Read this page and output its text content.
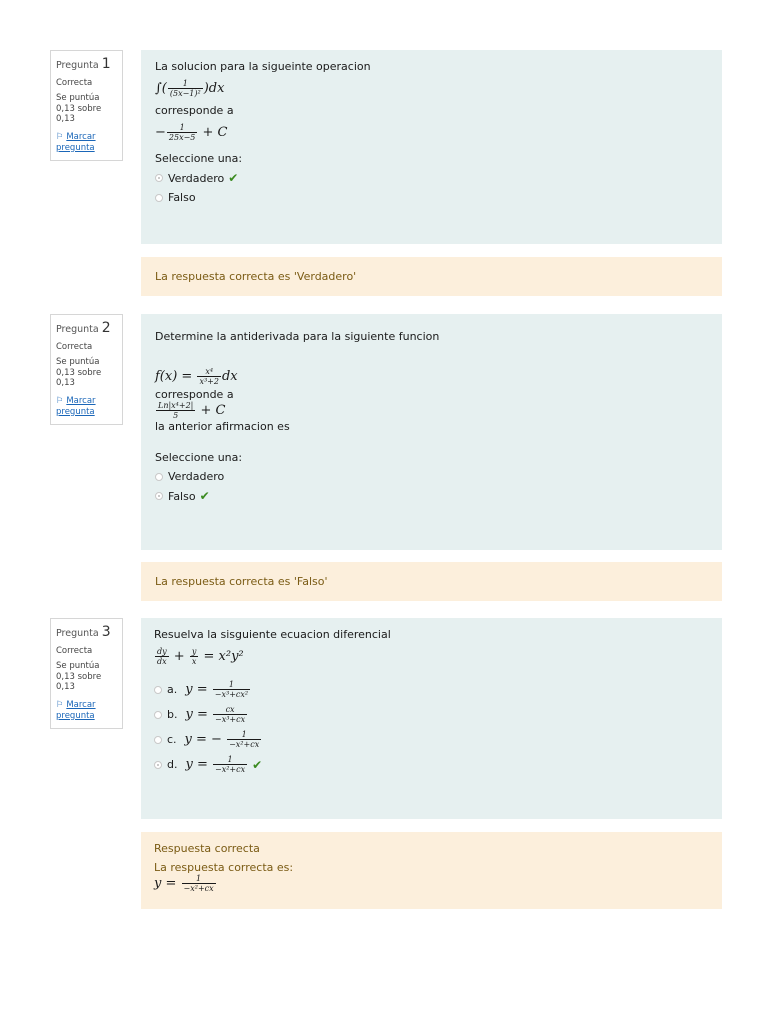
Pregunta 1
Correcta
Se puntúa 0,13 sobre 0,13
⚐ Marcar pregunta
La solucion para la sigueinte operacion
∫( $\frac{1}{\text{(5x−1)²}} )dx$
corresponde a
− $\frac{1}{25x-5} + C$
Seleccione una:
Verdadero ✔
Falso
La respuesta correcta es 'Verdadero'
Pregunta 2
Correcta
Se puntúa 0,13 sobre 0,13
⚐ Marcar pregunta
Determine la antiderivada para la siguiente funcion
$f(x) = \frac{\text{x⁴}}{\text{x³+2}}$ dx
corresponde a
$\frac{\text{Ln|x⁴+2|}}{5} + C$
la anterior afirmacion es
Seleccione una:
Verdadero
Falso ✔
La respuesta correcta es 'Falso'
Pregunta 3
Correcta
Se puntúa 0,13 sobre 0,13
⚐ Marcar pregunta
Resuelva la sisguiente ecuacion diferencial
$\frac{dy}{dx} + \frac{y}{x} = x^2y^2$
a. $y = \frac{1}{\text{−x³+cx²}}$
b. $y = \frac{cx}{\text{−x³+cx}}$
c. y = − $\frac{1}{\text{−x²+cx}}$
d. $y = \frac{1}{\text{−x²+cx}}$ ✔
Respuesta correcta
La respuesta correcta es:
$y = \frac{1}{\text{−x²+cx}}$
